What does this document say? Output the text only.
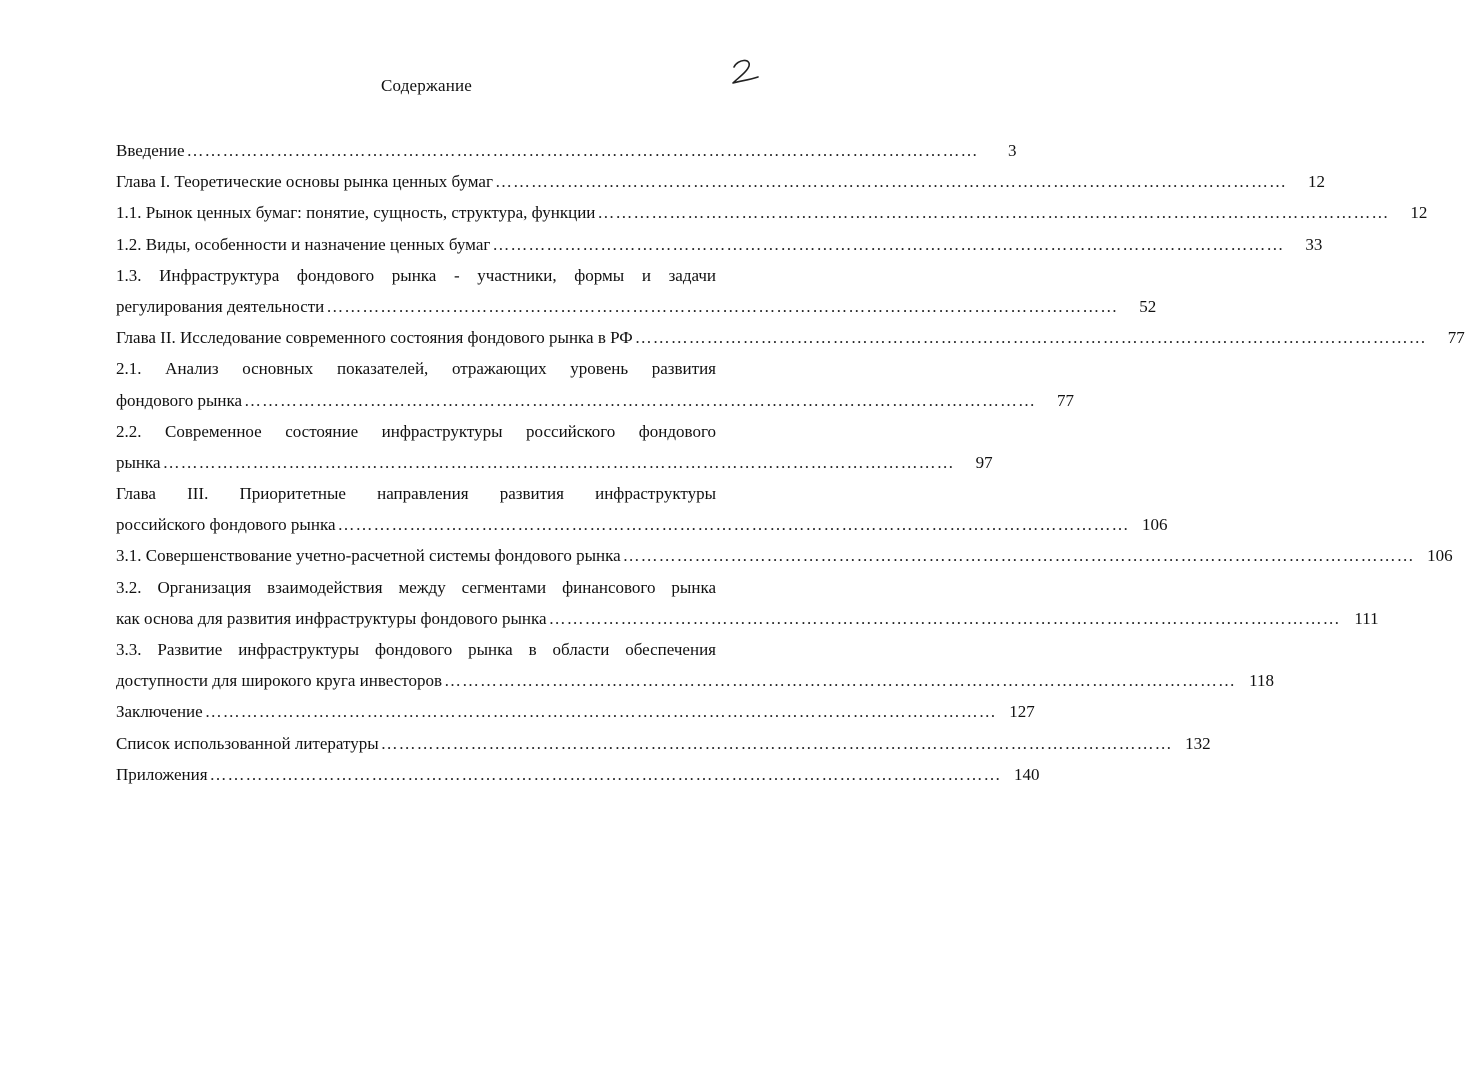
Содержание
Введение ……………………………………………………………………………………………………………………	3
Глава I. Теоретические основы рынка ценных бумаг ……………………………………………………………………………………………………………………	12
1.1. Рынок ценных бумаг: понятие, сущность, структура, функции ……………………………………………………………………………………………………………………	12
1.2. Виды, особенности и назначение ценных бумаг ……………………………………………………………………………………………………………………	33
1.3. Инфраструктура фондового рынка - участники, формы и задачи
регулирования деятельности ……………………………………………………………………………………………………………………	52
Глава II. Исследование современного состояния фондового рынка в РФ ……………………………………………………………………………………………………………………	77
2.1. Анализ основных показателей, отражающих уровень развития
фондового рынка ……………………………………………………………………………………………………………………	77
2.2. Современное состояние инфраструктуры российского фондового
рынка ……………………………………………………………………………………………………………………	97
Глава III. Приоритетные направления развития инфраструктуры
российского фондового рынка …………………………………………………………………………………………………………………… 106
3.1. Совершенствование учетно-расчетной системы фондового рынка …………………………………………………………………………………………………………………… 106
3.2. Организация взаимодействия между сегментами финансового рынка
как основа для развития инфраструктуры фондового рынка …………………………………………………………………………………………………………………… 111
3.3. Развитие инфраструктуры фондового рынка в области обеспечения
доступности для широкого круга инвесторов …………………………………………………………………………………………………………………… 118
Заключение …………………………………………………………………………………………………………………… 127
Список использованной литературы …………………………………………………………………………………………………………………… 132
Приложения …………………………………………………………………………………………………………………… 140
